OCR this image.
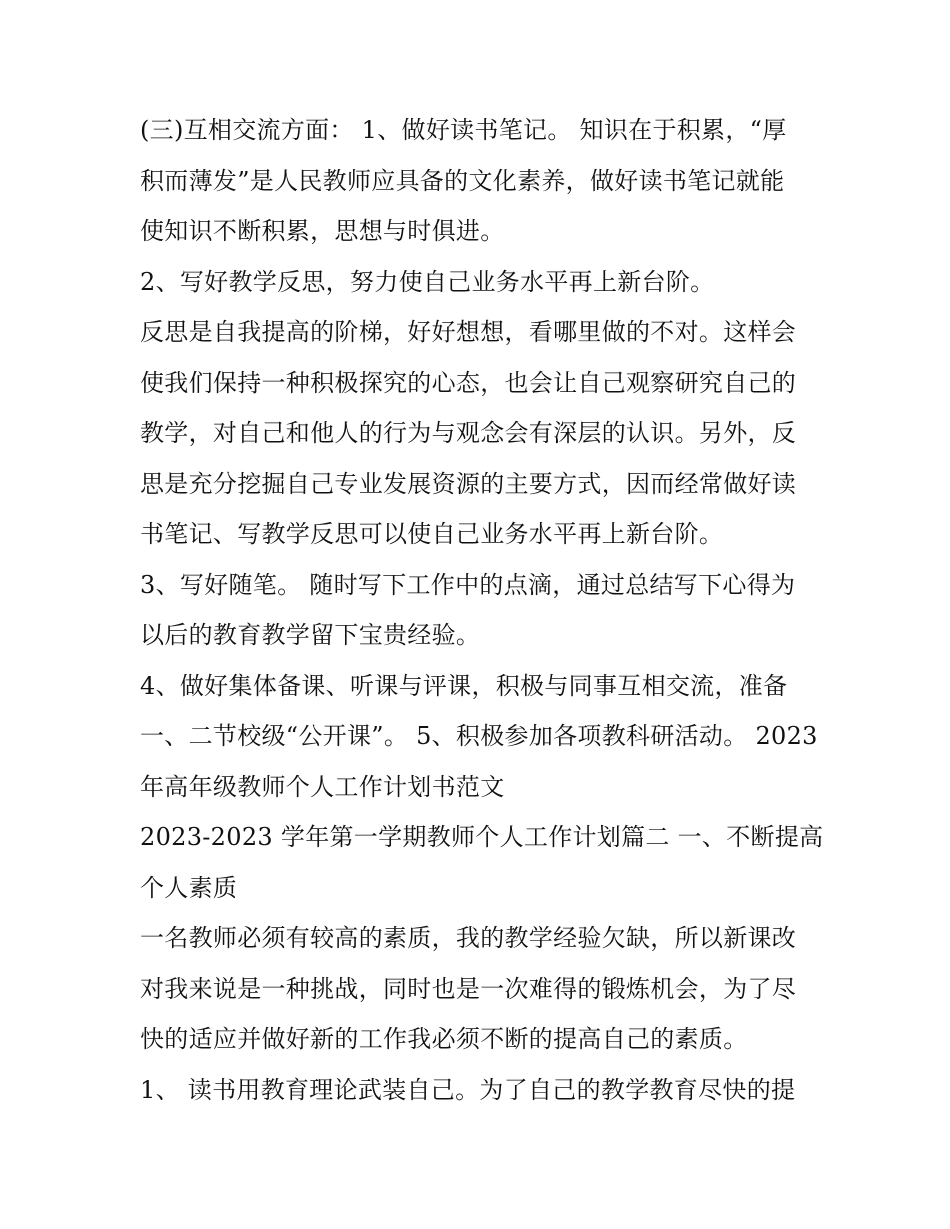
(三)互相交流方面： 1、做好读书笔记。 知识在于积累，“厚
积而薄发”是人民教师应具备的文化素养，做好读书笔记就能
使知识不断积累，思想与时俱进。
2、写好教学反思，努力使自己业务水平再上新台阶。
反思是自我提高的阶梯，好好想想，看哪里做的不对。这样会
使我们保持一种积极探究的心态，也会让自己观察研究自己的
教学，对自己和他人的行为与观念会有深层的认识。另外，反
思是充分挖掘自己专业发展资源的主要方式，因而经常做好读
书笔记、写教学反思可以使自己业务水平再上新台阶。
3、写好随笔。 随时写下工作中的点滴，通过总结写下心得为
以后的教育教学留下宝贵经验。
4、做好集体备课、听课与评课，积极与同事互相交流，准备
一、二节校级“公开课”。 5、积极参加各项教科研活动。 2023
年高年级教师个人工作计划书范文
2023-2023 学年第一学期教师个人工作计划篇二 一、不断提高
个人素质
一名教师必须有较高的素质，我的教学经验欠缺，所以新课改
对我来说是一种挑战，同时也是一次难得的锻炼机会，为了尽
快的适应并做好新的工作我必须不断的提高自己的素质。
1、 读书用教育理论武装自己。为了自己的教学教育尽快的提
